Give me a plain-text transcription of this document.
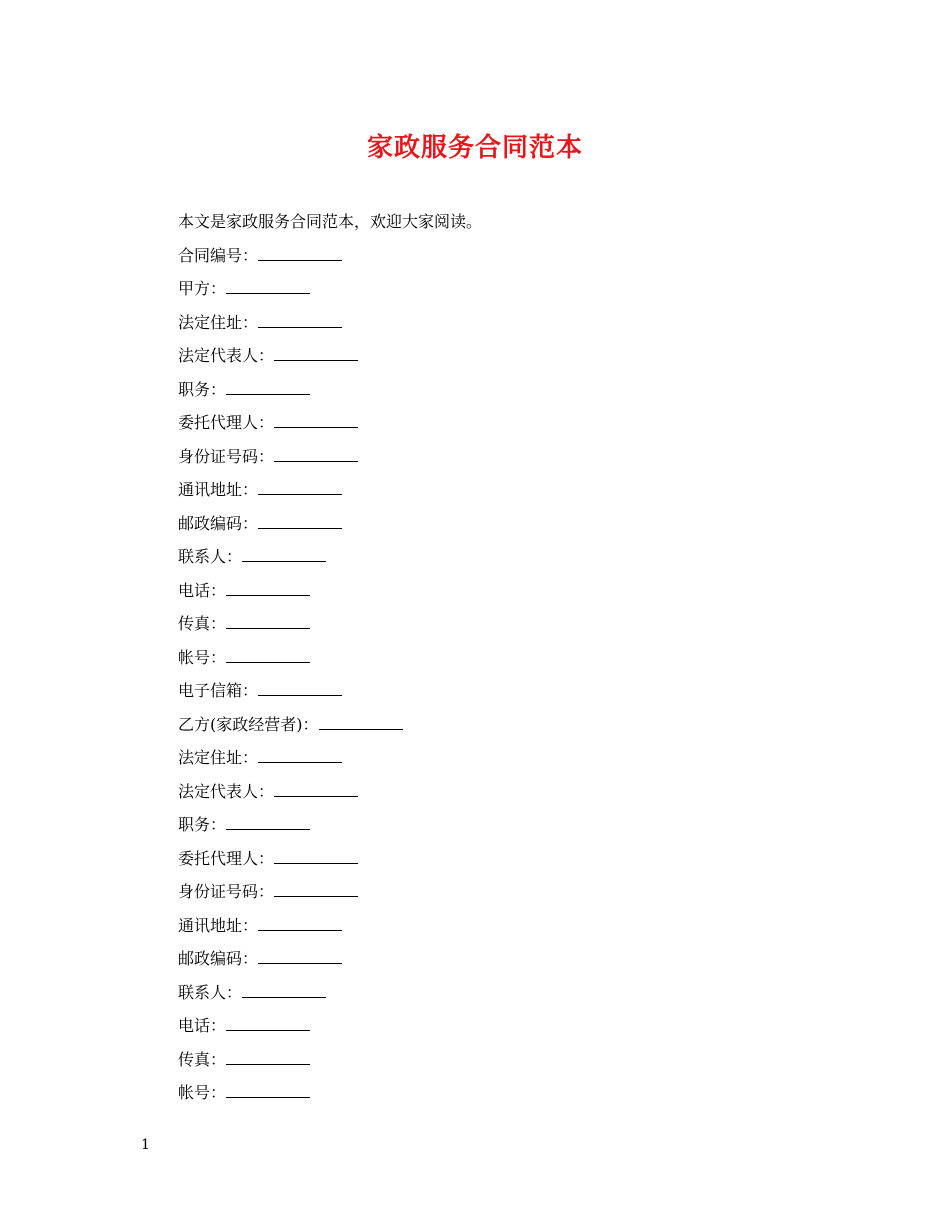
家政服务合同范本
本文是家政服务合同范本，欢迎大家阅读。
合同编号：
甲方：
法定住址：
法定代表人：
职务：
委托代理人：
身份证号码：
通讯地址：
邮政编码：
联系人：
电话：
传真：
帐号：
电子信箱：
乙方(家政经营者)：
法定住址：
法定代表人：
职务：
委托代理人：
身份证号码：
通讯地址：
邮政编码：
联系人：
电话：
传真：
帐号：
1
